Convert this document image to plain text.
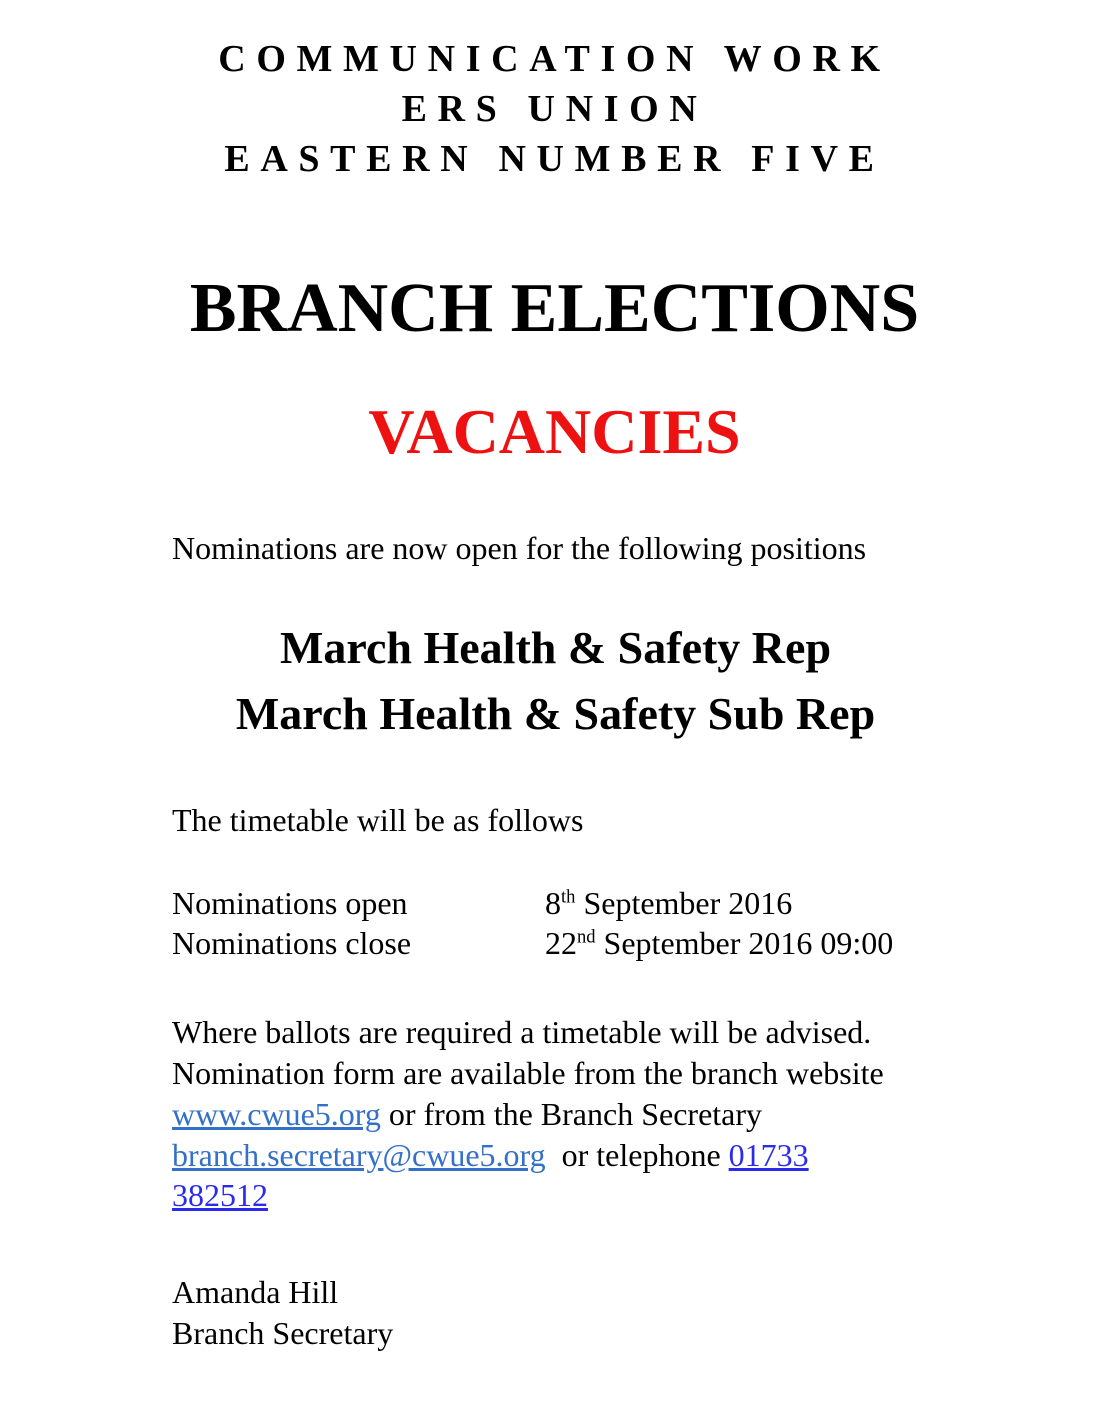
COMMUNICATION WORK
ERS UNION
EASTERN NUMBER FIVE
BRANCH ELECTIONS
VACANCIES
Nominations are now open for the following positions
March Health & Safety Rep
March Health & Safety Sub Rep
The timetable will be as follows
Nominations open	8th September 2016
Nominations close	22nd September 2016 09:00
Where ballots are required a timetable will be advised.
Nomination form are available from the branch website
www.cwue5.org or from the Branch Secretary
branch.secretary@cwue5.org  or telephone 01733
382512
Amanda Hill
Branch Secretary
